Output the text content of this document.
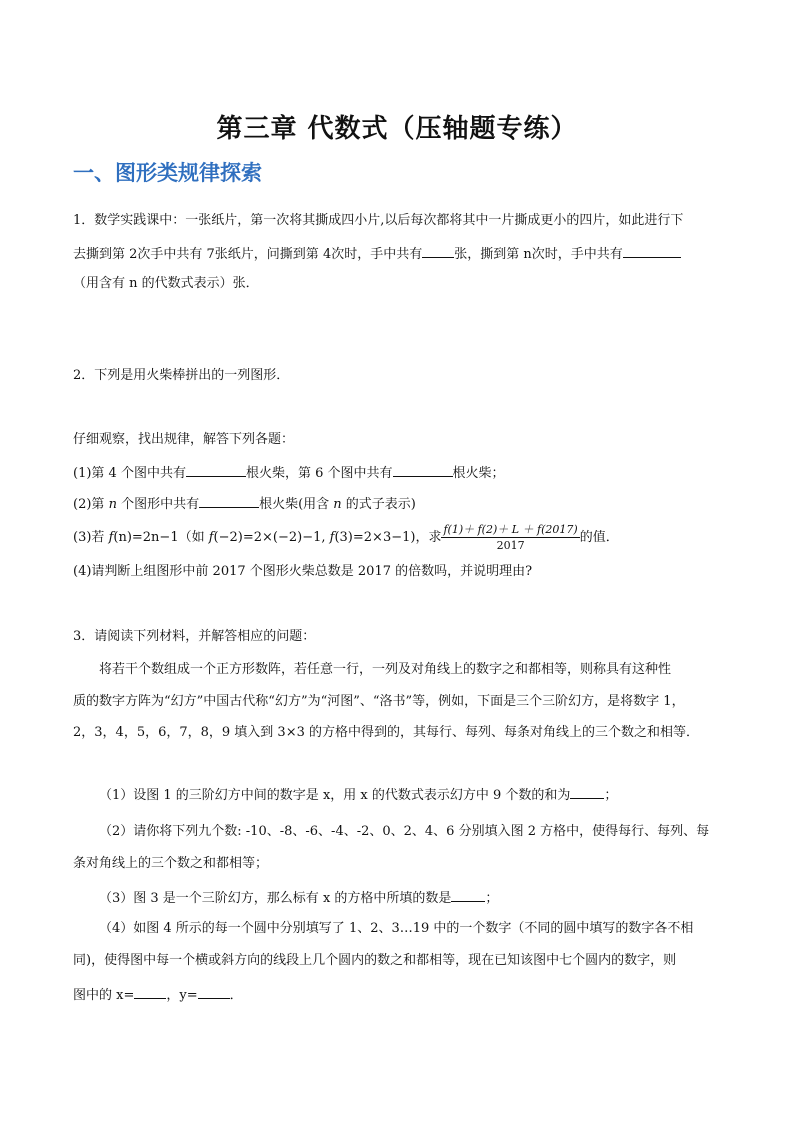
第三章 代数式（压轴题专练）
一、图形类规律探索
1．数学实践课中：一张纸片，第一次将其撕成四小片,以后每次都将其中一片撕成更小的四片，如此进行下
去撕到第 2次手中共有 7张纸片，问撕到第 4次时，手中共有 张，撕到第 n次时，手中共有
（用含有 n 的代数式表示）张．
2．下列是用火柴棒拼出的一列图形．
仔细观察，找出规律，解答下列各题：
(1)第 4 个图中共有	根火柴，第 6 个图中共有	根火柴；
(2)第 n 个图形中共有	根火柴(用含 n 的式子表示)
(3)若 f(n)=2n−1（如 f(−2)=2×(−2)−1, f(3)=2×3−1)，求 $\frac{f(1)+ f(2)+ L + f(2017)}{2017}$ 的值．
(4)请判断上组图形中前 2017 个图形火柴总数是 2017 的倍数吗，并说明理由?
3．请阅读下列材料，并解答相应的问题：
将若干个数组成一个正方形数阵，若任意一行，一列及对角线上的数字之和都相等，则称具有这种性
质的数字方阵为“幻方”中国古代称“幻方”为“河图”、“洛书”等，例如，下面是三个三阶幻方，是将数字 1，
2，3，4，5，6，7，8，9 填入到 3×3 的方格中得到的，其每行、每列、每条对角线上的三个数之和相等．
（1）设图 1 的三阶幻方中间的数字是 x，用 x 的代数式表示幻方中 9 个数的和为	；
（2）请你将下列九个数: -10、-8、-6、-4、-2、0、2、4、6 分别填入图 2 方格中，使得每行、每列、每
条对角线上的三个数之和都相等；
（3）图 3 是一个三阶幻方，那么标有 x 的方格中所填的数是	；
（4）如图 4 所示的每一个圆中分别填写了 1、2、3…19 中的一个数字（不同的圆中填写的数字各不相
同)，使得图中每一个横或斜方向的线段上几个圆内的数之和都相等，现在已知该图中七个圆内的数字，则
图中的 x= ，y= ．
